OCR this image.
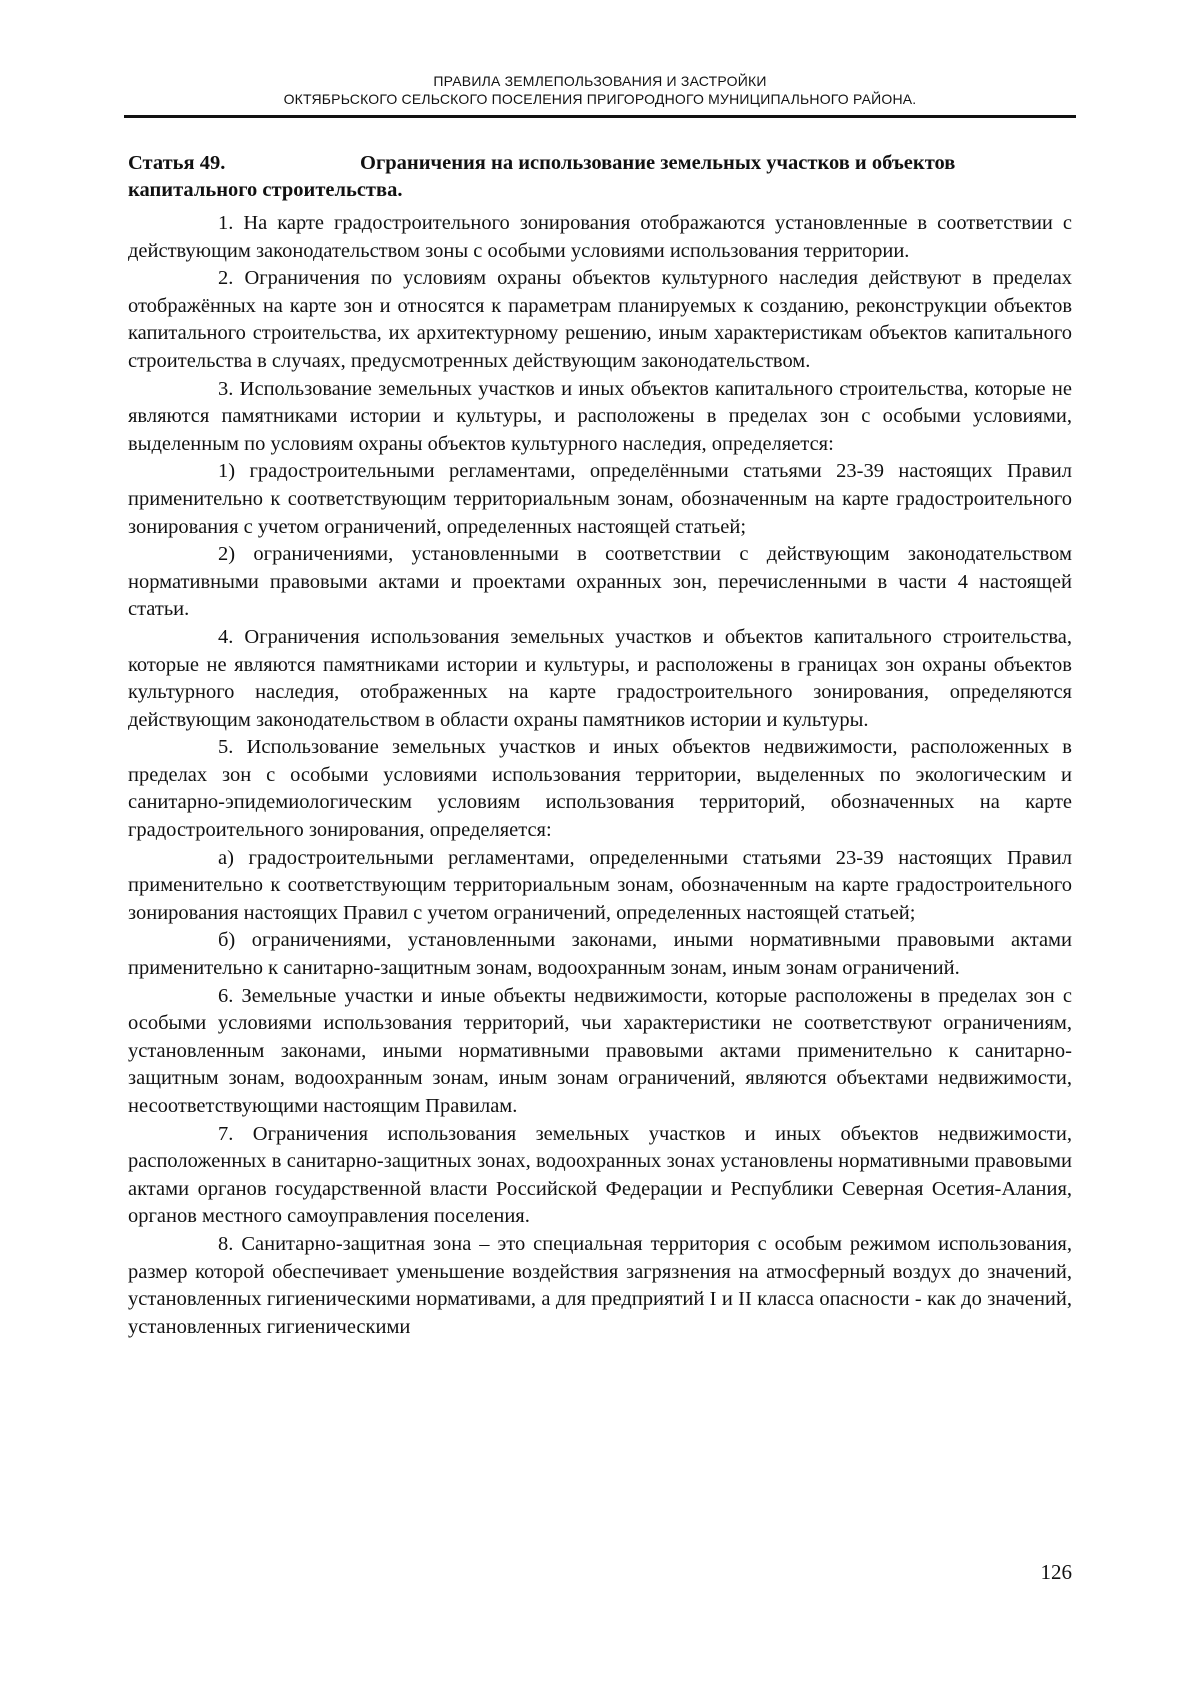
ПРАВИЛА ЗЕМЛЕПОЛЬЗОВАНИЯ И ЗАСТРОЙКИ
ОКТЯБРЬСКОГО СЕЛЬСКОГО ПОСЕЛЕНИЯ ПРИГОРОДНОГО МУНИЦИПАЛЬНОГО РАЙОНА.
Статья 49.	Ограничения на использование земельных участков и объектов капитального строительства.

1. На карте градостроительного зонирования отображаются установленные в соответствии с действующим законодательством зоны с особыми условиями использования территории.

2. Ограничения по условиям охраны объектов культурного наследия действуют в пределах отображённых на карте зон и относятся к параметрам планируемых к созданию, реконструкции объектов капитального строительства, их архитектурному решению, иным характеристикам объектов капитального строительства в случаях, предусмотренных действующим законодательством.

3. Использование земельных участков и иных объектов капитального строительства, которые не являются памятниками истории и культуры, и расположены в пределах зон с особыми условиями, выделенным по условиям охраны объектов культурного наследия, определяется:

1) градостроительными регламентами, определёнными статьями 23-39 настоящих Правил применительно к соответствующим территориальным зонам, обозначенным на карте градостроительного зонирования с учетом ограничений, определенных настоящей статьей;

2) ограничениями, установленными в соответствии с действующим законодательством нормативными правовыми актами и проектами охранных зон, перечисленными в части 4 настоящей статьи.

4. Ограничения использования земельных участков и объектов капитального строительства, которые не являются памятниками истории и культуры, и расположены в границах зон охраны объектов культурного наследия, отображенных на карте градостроительного зонирования, определяются действующим законодательством в области охраны памятников истории и культуры.

5. Использование земельных участков и иных объектов недвижимости, расположенных в пределах зон с особыми условиями использования территории, выделенных по экологическим и санитарно-эпидемиологическим условиям использования территорий, обозначенных на карте градостроительного зонирования, определяется:

а) градостроительными регламентами, определенными статьями 23-39 настоящих Правил применительно к соответствующим территориальным зонам, обозначенным на карте градостроительного зонирования настоящих Правил с учетом ограничений, определенных настоящей статьей;

б) ограничениями, установленными законами, иными нормативными правовыми актами применительно к санитарно-защитным зонам, водоохранным зонам, иным зонам ограничений.

6. Земельные участки и иные объекты недвижимости, которые расположены в пределах зон с особыми условиями использования территорий, чьи характеристики не соответствуют ограничениям, установленным законами, иными нормативными правовыми актами применительно к санитарно-защитным зонам, водоохранным зонам, иным зонам ограничений, являются объектами недвижимости, несоответствующими настоящим Правилам.

7. Ограничения использования земельных участков и иных объектов недвижимости, расположенных в санитарно-защитных зонах, водоохранных зонах установлены нормативными правовыми актами органов государственной власти Российской Федерации и Республики Северная Осетия-Алания, органов местного самоуправления поселения.

8. Санитарно-защитная зона – это специальная территория с особым режимом использования, размер которой обеспечивает уменьшение воздействия загрязнения на атмосферный воздух до значений, установленных гигиеническими нормативами, а для предприятий I и II класса опасности - как до значений, установленных гигиеническими

126
